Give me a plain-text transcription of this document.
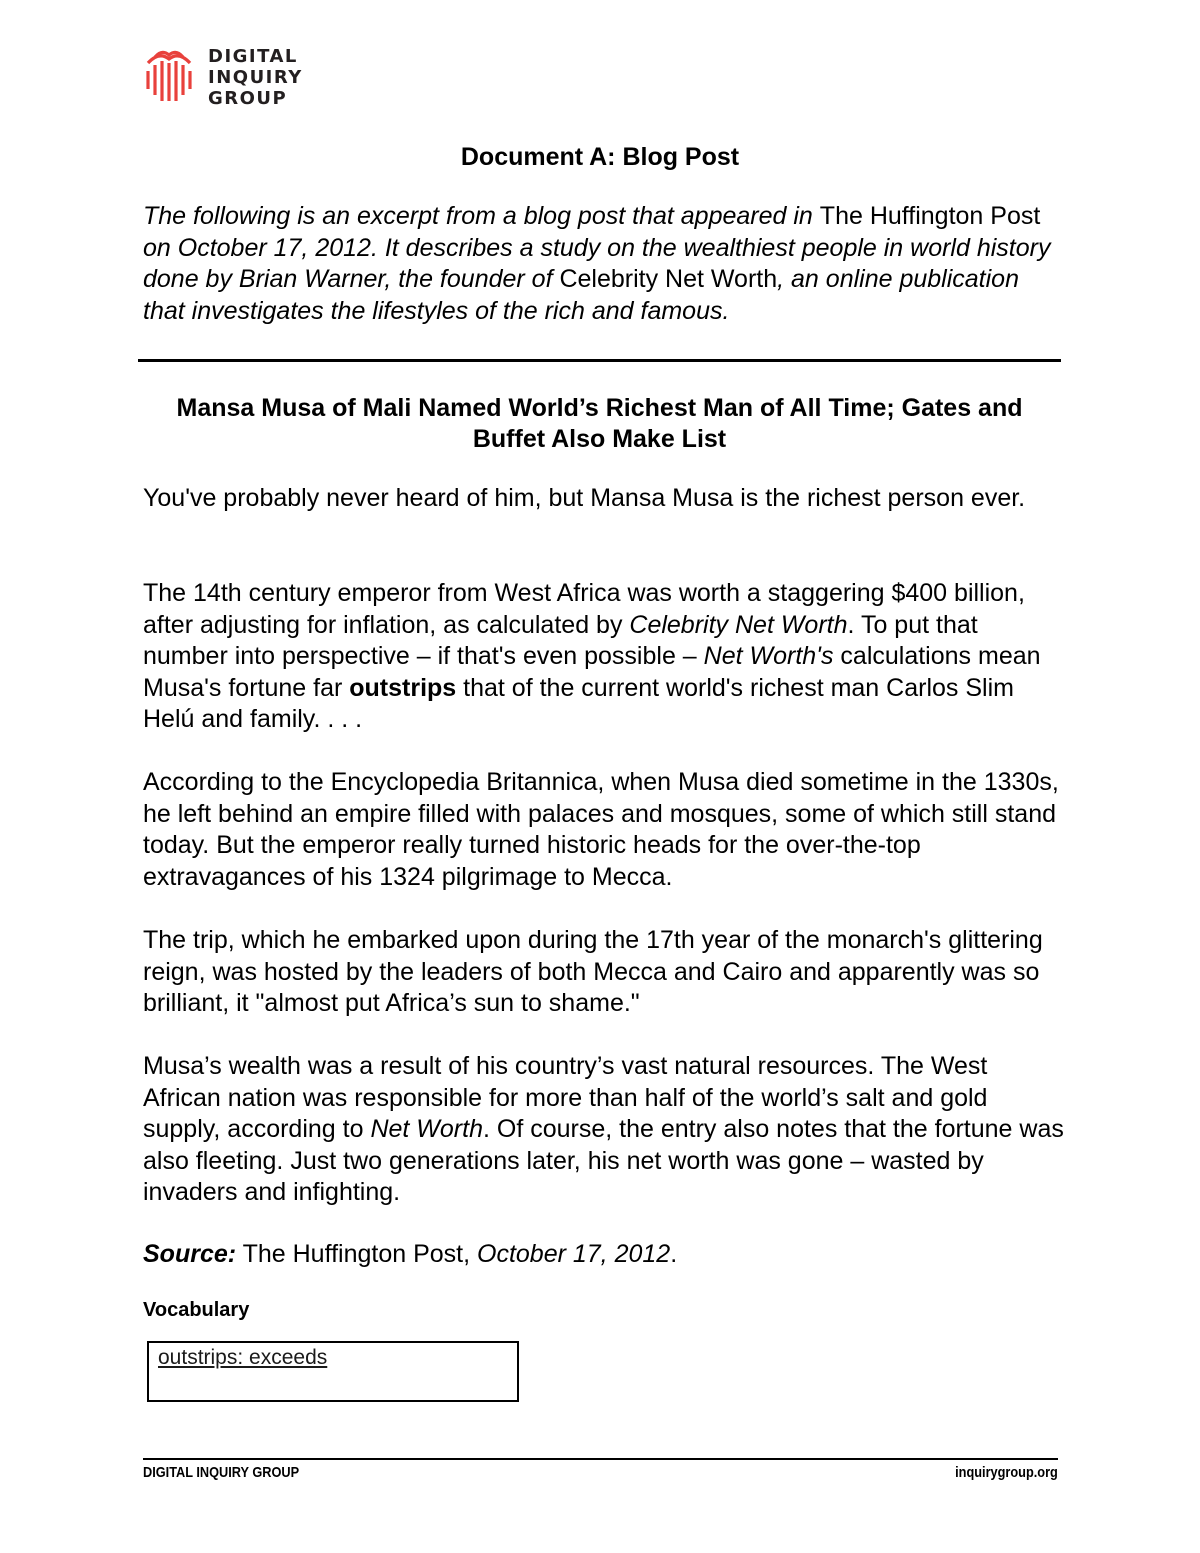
DIGITAL
INQUIRY
GROUP
Document A: Blog Post

The following is an excerpt from a blog post that appeared in The Huffington Post on October 17, 2012. It describes a study on the wealthiest people in world history done by Brian Warner, the founder of Celebrity Net Worth, an online publication that investigates the lifestyles of the rich and famous.

Mansa Musa of Mali Named World’s Richest Man of All Time; Gates and Buffet Also Make List

You've probably never heard of him, but Mansa Musa is the richest person ever.

The 14th century emperor from West Africa was worth a staggering $400 billion, after adjusting for inflation, as calculated by Celebrity Net Worth. To put that number into perspective – if that's even possible – Net Worth's calculations mean Musa's fortune far outstrips that of the current world's richest man Carlos Slim Helú and family. . . .

According to the Encyclopedia Britannica, when Musa died sometime in the 1330s, he left behind an empire filled with palaces and mosques, some of which still stand today. But the emperor really turned historic heads for the over-the-top extravagances of his 1324 pilgrimage to Mecca.

The trip, which he embarked upon during the 17th year of the monarch's glittering reign, was hosted by the leaders of both Mecca and Cairo and apparently was so brilliant, it "almost put Africa’s sun to shame."

Musa’s wealth was a result of his country’s vast natural resources. The West African nation was responsible for more than half of the world’s salt and gold supply, according to Net Worth. Of course, the entry also notes that the fortune was also fleeting. Just two generations later, his net worth was gone – wasted by invaders and infighting.

Source: The Huffington Post, October 17, 2012.

Vocabulary

outstrips: exceeds
DIGITAL INQUIRY GROUP	inquirygroup.org
